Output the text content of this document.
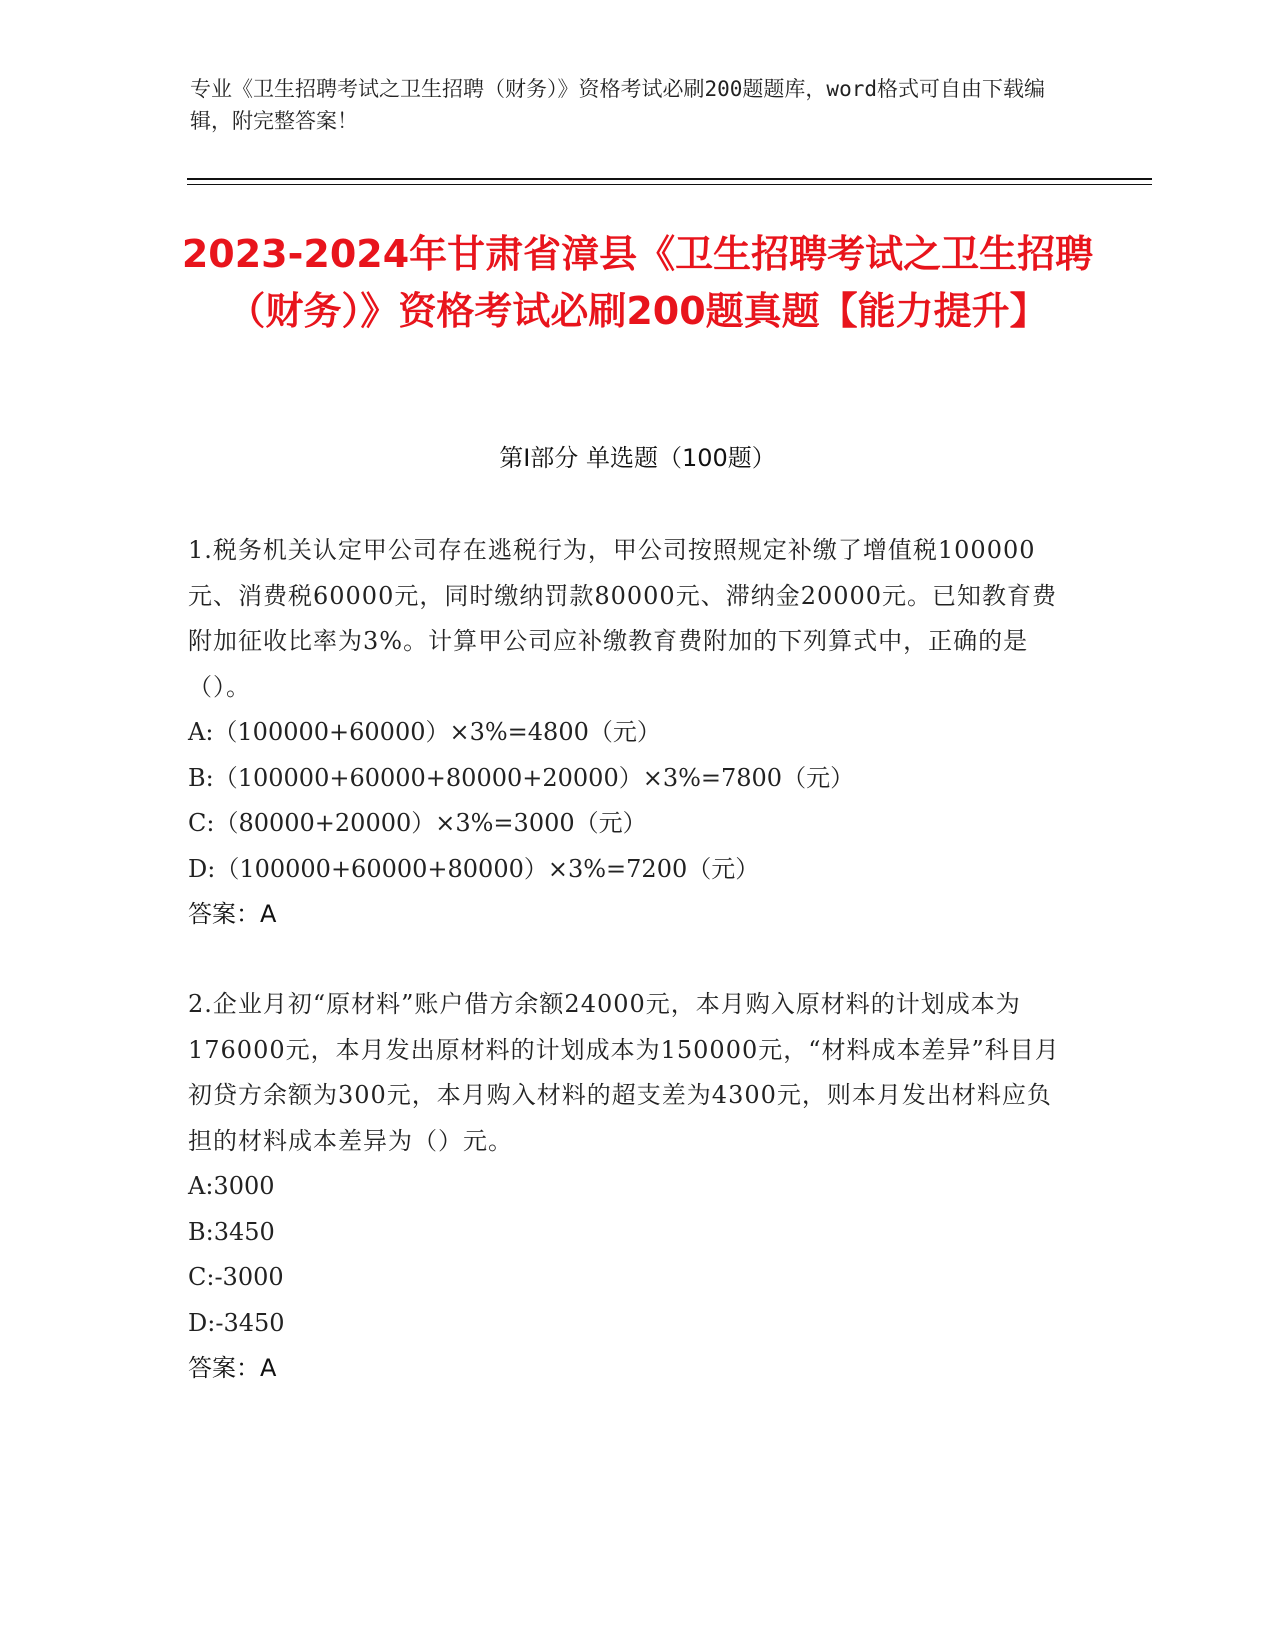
专业《卫生招聘考试之卫生招聘（财务）》资格考试必刷200题题库，word格式可自由下载编辑，附完整答案！
2023-2024年甘肃省漳县《卫生招聘考试之卫生招聘（财务）》资格考试必刷200题真题【能力提升】
第I部分 单选题（100题）
1.税务机关认定甲公司存在逃税行为，甲公司按照规定补缴了增值税100000元、消费税60000元，同时缴纳罚款80000元、滞纳金20000元。已知教育费附加征收比率为3%。计算甲公司应补缴教育费附加的下列算式中，正确的是（）。
A:（100000+60000）×3%=4800（元）
B:（100000+60000+80000+20000）×3%=7800（元）
C:（80000+20000）×3%=3000（元）
D:（100000+60000+80000）×3%=7200（元）
答案：A
2.企业月初“原材料”账户借方余额24000元，本月购入原材料的计划成本为176000元，本月发出原材料的计划成本为150000元，“材料成本差异”科目月初贷方余额为300元，本月购入材料的超支差为4300元，则本月发出材料应负担的材料成本差异为（）元。
A:3000
B:3450
C:-3000
D:-3450
答案：A
